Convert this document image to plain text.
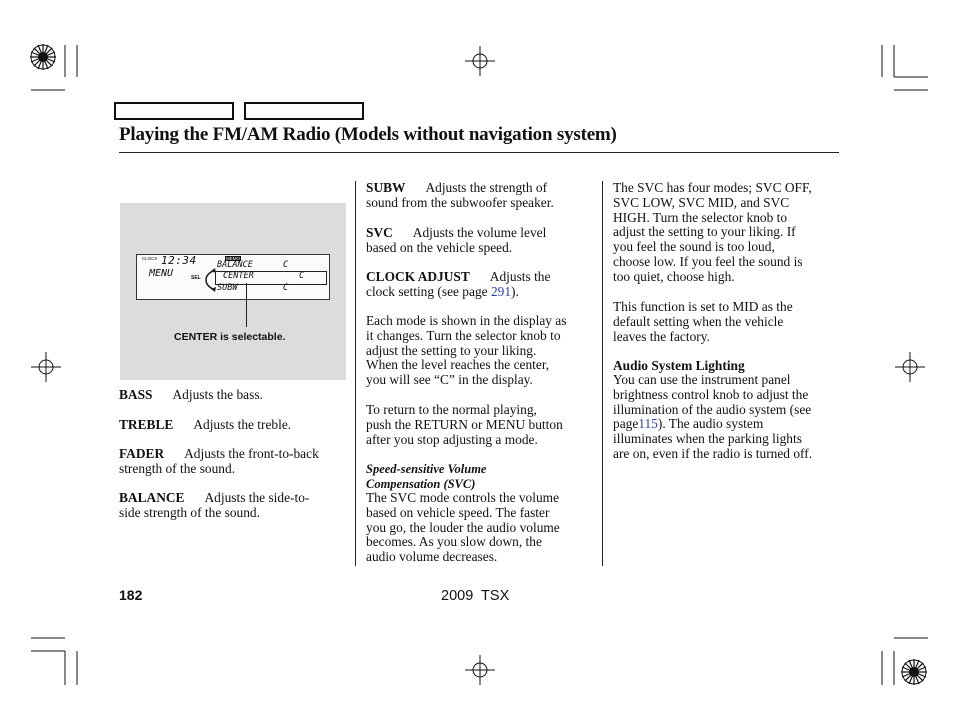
Playing the FM/AM Radio (Models without navigation system)
CLOCK 12:34
MENU
MEMO
SEL
BALANCE	C
CENTER	C
SUBW	C
CENTER is selectable.
BASS Adjusts the bass.
TREBLE Adjusts the treble.
FADER Adjusts the front-to-back
strength of the sound.
BALANCE Adjusts the side-to-
side strength of the sound.
SUBW Adjusts the strength of
sound from the subwoofer speaker.
SVC Adjusts the volume level
based on the vehicle speed.
CLOCK ADJUST Adjusts the
clock setting (see page 291).
Each mode is shown in the display as
it changes. Turn the selector knob to
adjust the setting to your liking.
When the level reaches the center,
you will see “C” in the display.
To return to the normal playing,
push the RETURN or MENU button
after you stop adjusting a mode.
Speed-sensitive Volume
Compensation (SVC)
The SVC mode controls the volume
based on vehicle speed. The faster
you go, the louder the audio volume
becomes. As you slow down, the
audio volume decreases.
The SVC has four modes; SVC OFF,
SVC LOW, SVC MID, and SVC
HIGH. Turn the selector knob to
adjust the setting to your liking. If
you feel the sound is too loud,
choose low. If you feel the sound is
too quiet, choose high.
This function is set to MID as the
default setting when the vehicle
leaves the factory.
Audio System Lighting
You can use the instrument panel
brightness control knob to adjust the
illumination of the audio system (see
page115). The audio system
illuminates when the parking lights
are on, even if the radio is turned off.
182	2009  TSX
